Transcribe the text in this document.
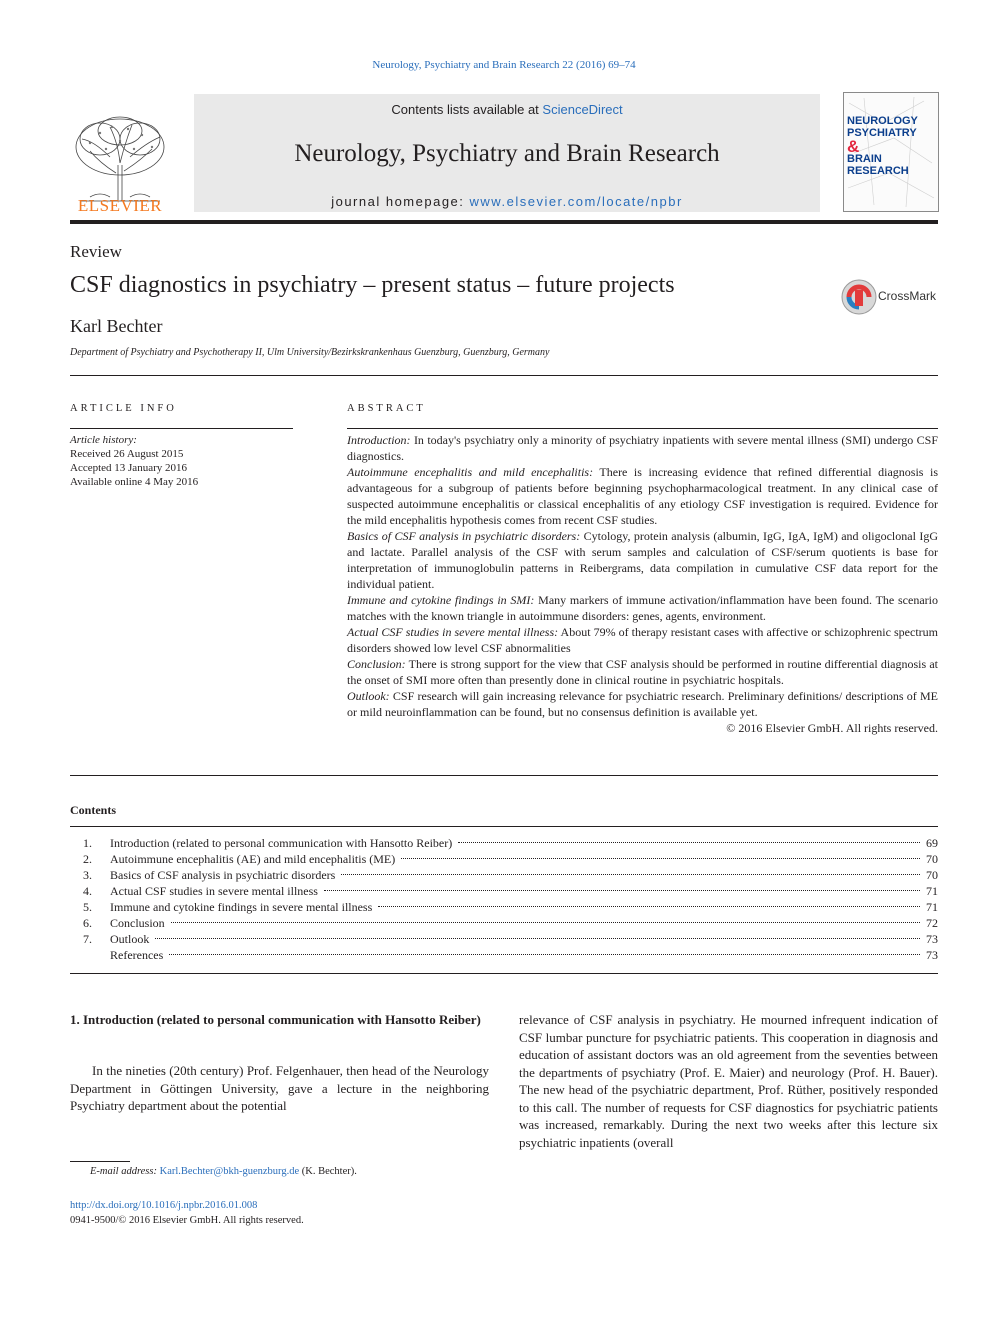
Neurology, Psychiatry and Brain Research 22 (2016) 69–74
ELSEVIER
Contents lists available at ScienceDirect
Neurology, Psychiatry and Brain Research
journal homepage: www.elsevier.com/locate/npbr
NEUROLOGY
PSYCHIATRY
&
BRAIN
RESEARCH
Review
CSF diagnostics in psychiatry – present status – future projects	CrossMark
Karl Bechter
Department of Psychiatry and Psychotherapy II, Ulm University/Bezirkskrankenhaus Guenzburg, Guenzburg, Germany
ARTICLE INFO
Article history:
Received 26 August 2015
Accepted 13 January 2016
Available online 4 May 2016
ABSTRACT

Introduction: In today's psychiatry only a minority of psychiatry inpatients with severe mental illness (SMI) undergo CSF diagnostics.

Autoimmune encephalitis and mild encephalitis: There is increasing evidence that refined differential diagnosis is advantageous for a subgroup of patients before beginning psychopharmacological treatment. In any clinical case of suspected autoimmune encephalitis or classical encephalitis of any etiology CSF investigation is required. Evidence for the mild encephalitis hypothesis comes from recent CSF studies.

Basics of CSF analysis in psychiatric disorders: Cytology, protein analysis (albumin, IgG, IgA, IgM) and oligoclonal IgG and lactate. Parallel analysis of the CSF with serum samples and calculation of CSF/serum quotients is base for interpretation of immunoglobulin patterns in Reibergrams, data compilation in cumulative CSF data report for the individual patient.

Immune and cytokine findings in SMI: Many markers of immune activation/inflammation have been found. The scenario matches with the known triangle in autoimmune disorders: genes, agents, environment.

Actual CSF studies in severe mental illness: About 79% of therapy resistant cases with affective or schizophrenic spectrum disorders showed low level CSF abnormalities

Conclusion: There is strong support for the view that CSF analysis should be performed in routine differential diagnosis at the onset of SMI more often than presently done in clinical routine in psychiatric hospitals.

Outlook: CSF research will gain increasing relevance for psychiatric research. Preliminary definitions/ descriptions of ME or mild neuroinflammation can be found, but no consensus definition is available yet.

© 2016 Elsevier GmbH. All rights reserved.

Contents
1. Introduction (related to personal communication with Hansotto Reiber)	69
2. Autoimmune encephalitis (AE) and mild encephalitis (ME)	70
3. Basics of CSF analysis in psychiatric disorders	70
4. Actual CSF studies in severe mental illness	71
5. Immune and cytokine findings in severe mental illness	71
6. Conclusion	72
7. Outlook	73
References	73
1. Introduction (related to personal communication with Hansotto Reiber)
In the nineties (20th century) Prof. Felgenhauer, then head of the Neurology Department in Göttingen University, gave a lecture in the neighboring Psychiatry department about the potential
relevance of CSF analysis in psychiatry. He mourned infrequent indication of CSF lumbar puncture for psychiatric patients. This cooperation in diagnosis and education of assistant doctors was an old agreement from the seventies between the departments of psychiatry (Prof. E. Maier) and neurology (Prof. H. Bauer). The new head of the psychiatric department, Prof. Rüther, positively responded to this call. The number of requests for CSF diagnostics for psychiatric patients was increased, remarkably. During the next two weeks after this lecture six psychiatric inpatients (overall
E-mail address: Karl.Bechter@bkh-guenzburg.de (K. Bechter).
http://dx.doi.org/10.1016/j.npbr.2016.01.008
0941-9500/© 2016 Elsevier GmbH. All rights reserved.
